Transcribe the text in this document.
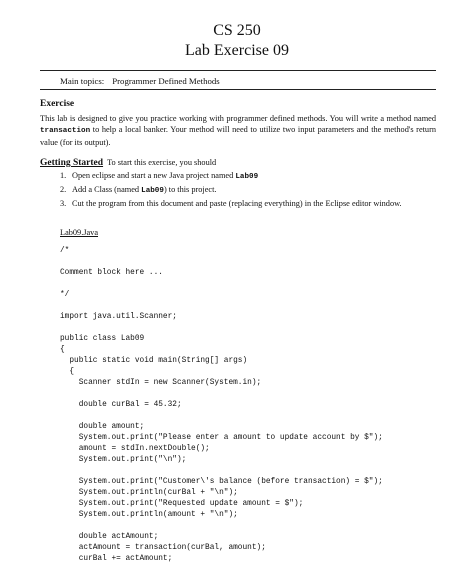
CS 250
Lab Exercise 09
Main topics: Programmer Defined Methods
Exercise
This lab is designed to give you practice working with programmer defined methods. You will write a method named transaction to help a local banker. Your method will need to utilize two input parameters and the method's return value (for its output).
Getting Started To start this exercise, you should
1. Open eclipse and start a new Java project named Lab09
2. Add a Class (named Lab09) to this project.
3. Cut the program from this document and paste (replacing everything) in the Eclipse editor window.
Lab09.Java
/*
Comment block here ...
*/
import java.util.Scanner;
public class Lab09
{
public static void main(String[] args)
{
Scanner stdIn = new Scanner(System.in);
double curBal = 45.32;
double amount;
System.out.print("Please enter a amount to update account by $");
amount = stdIn.nextDouble();
System.out.print("\n");
System.out.print("Customer\'s balance (before transaction) = $");
System.out.println(curBal + "\n");
System.out.print("Requested update amount = $");
System.out.println(amount + "\n");
double actAmount;
actAmount = transaction(curBal, amount);
curBal += actAmount;
